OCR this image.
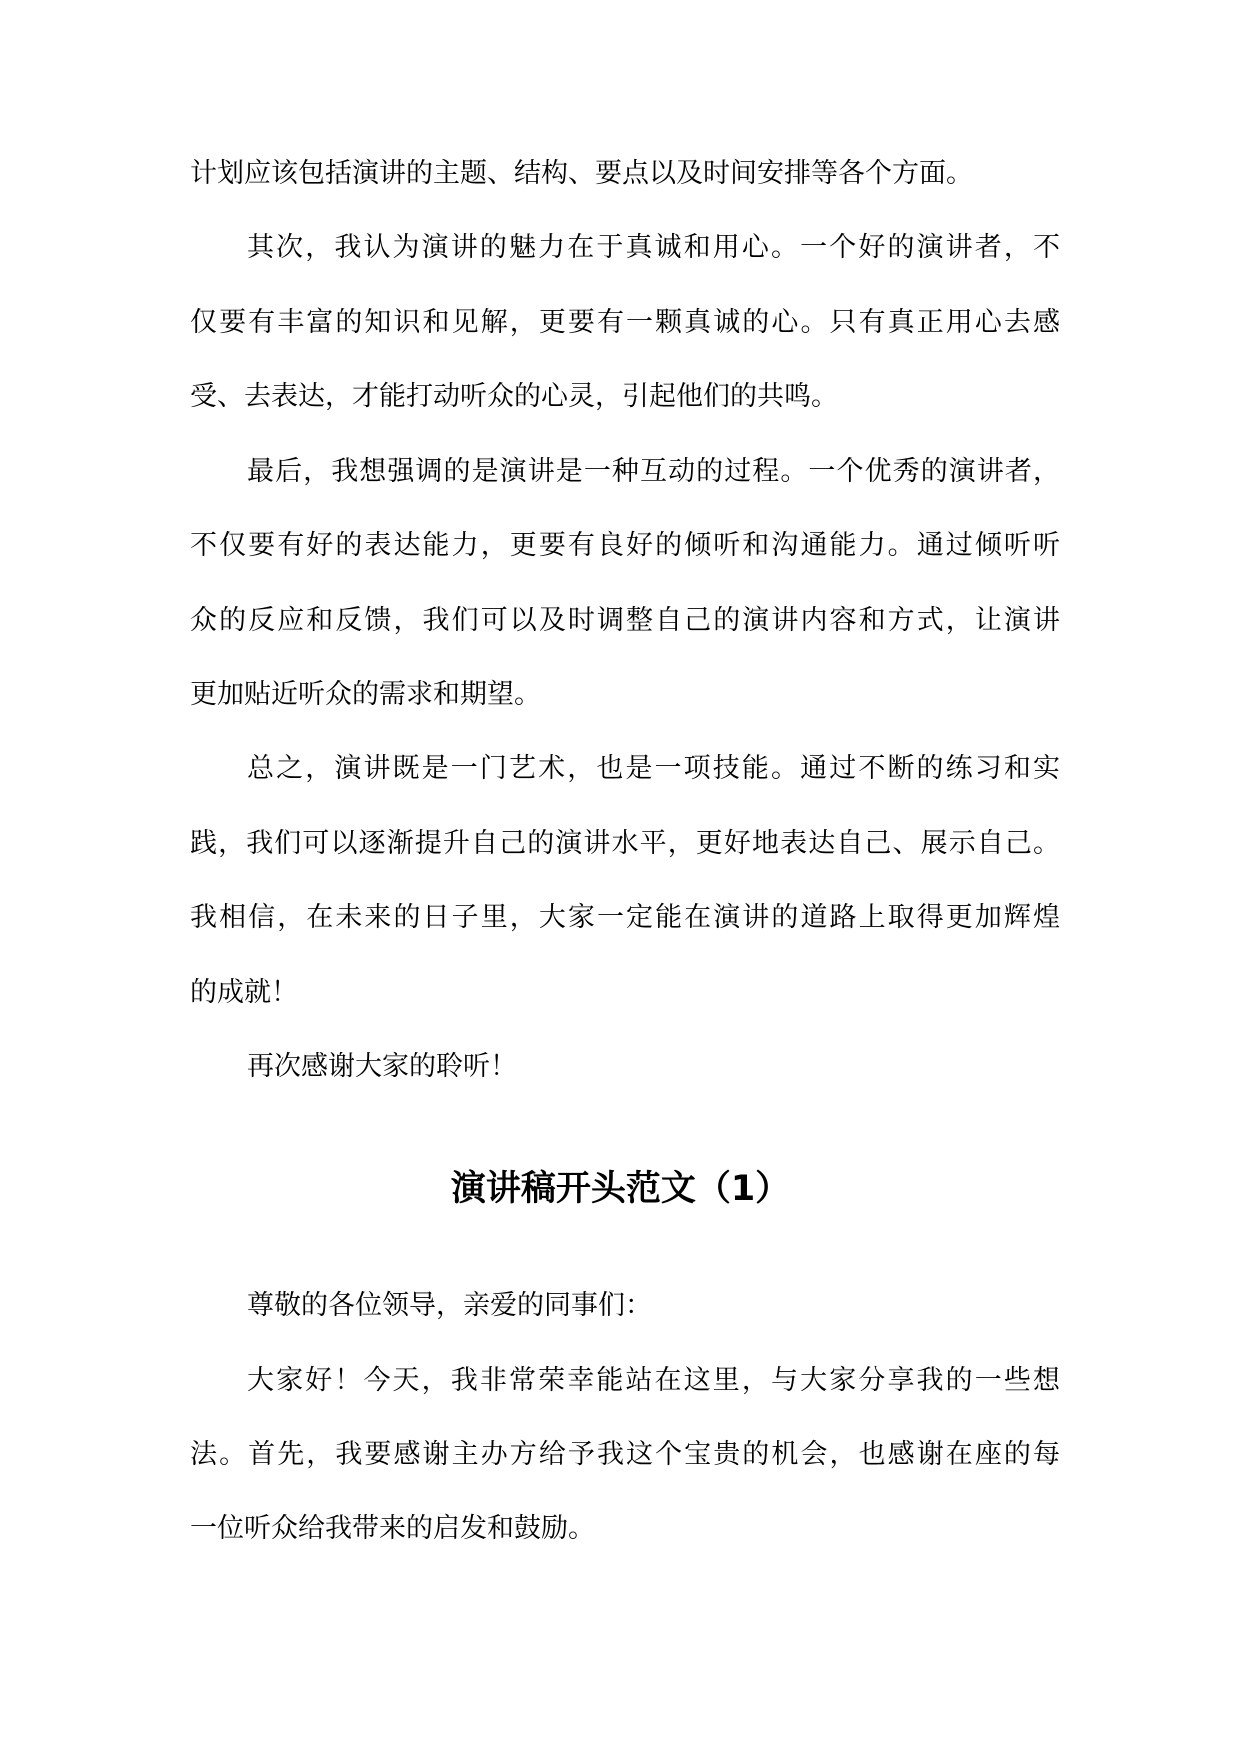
计划应该包括演讲的主题、结构、要点以及时间安排等各个方面。
其次，我认为演讲的魅力在于真诚和用心。一个好的演讲者，不
仅要有丰富的知识和见解，更要有一颗真诚的心。只有真正用心去感
受、去表达，才能打动听众的心灵，引起他们的共鸣。
最后，我想强调的是演讲是一种互动的过程。一个优秀的演讲者，
不仅要有好的表达能力，更要有良好的倾听和沟通能力。通过倾听听
众的反应和反馈，我们可以及时调整自己的演讲内容和方式，让演讲
更加贴近听众的需求和期望。
总之，演讲既是一门艺术，也是一项技能。通过不断的练习和实
践，我们可以逐渐提升自己的演讲水平，更好地表达自己、展示自己。
我相信，在未来的日子里，大家一定能在演讲的道路上取得更加辉煌
的成就！
再次感谢大家的聆听！
演讲稿开头范文（1）
尊敬的各位领导，亲爱的同事们：
大家好！今天，我非常荣幸能站在这里，与大家分享我的一些想
法。首先，我要感谢主办方给予我这个宝贵的机会，也感谢在座的每
一位听众给我带来的启发和鼓励。
